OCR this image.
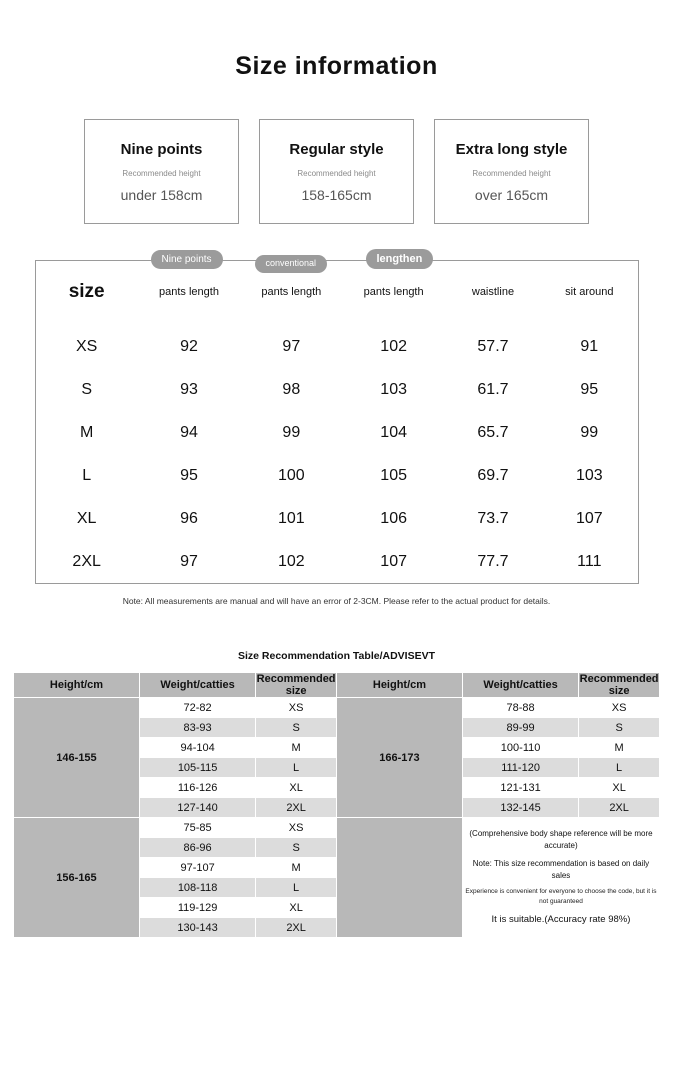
Size information
Nine points
Recommended height
under 158cm
Regular style
Recommended height
158-165cm
Extra long style
Recommended height
over 165cm
Nine points	conventional	lengthen
size	pants length	pants length	pants length	waistline	sit around
XS	92	97	102	57.7	91
S	93	98	103	61.7	95
M	94	99	104	65.7	99
L	95	100	105	69.7	103
XL	96	101	106	73.7	107
2XL	97	102	107	77.7	111
Note: All measurements are manual and will have an error of 2-3CM. Please refer to the actual product for details.
Size Recommendation Table/ADVISEVT
Height/cm	Weight/catties	Recommended size	Height/cm	Weight/catties	Recommended size
146-155	72-82	XS	166-173	78-88	XS
	83-93	S		89-99	S
	94-104	M		100-110	M
	105-115	L		111-120	L
	116-126	XL		121-131	XL
	127-140	2XL		132-145	2XL
156-165	75-85	XS		(Comprehensive body shape reference will be more accurate)
Note: This size recommendation is based on daily sales
Experience is convenient for everyone to choose the code, but it is not guaranteed
It is suitable.(Accuracy rate 98%)	

	86-96	S			
	97-107	M			
	108-118	L			
	119-129	XL			
	130-143	2XL			
